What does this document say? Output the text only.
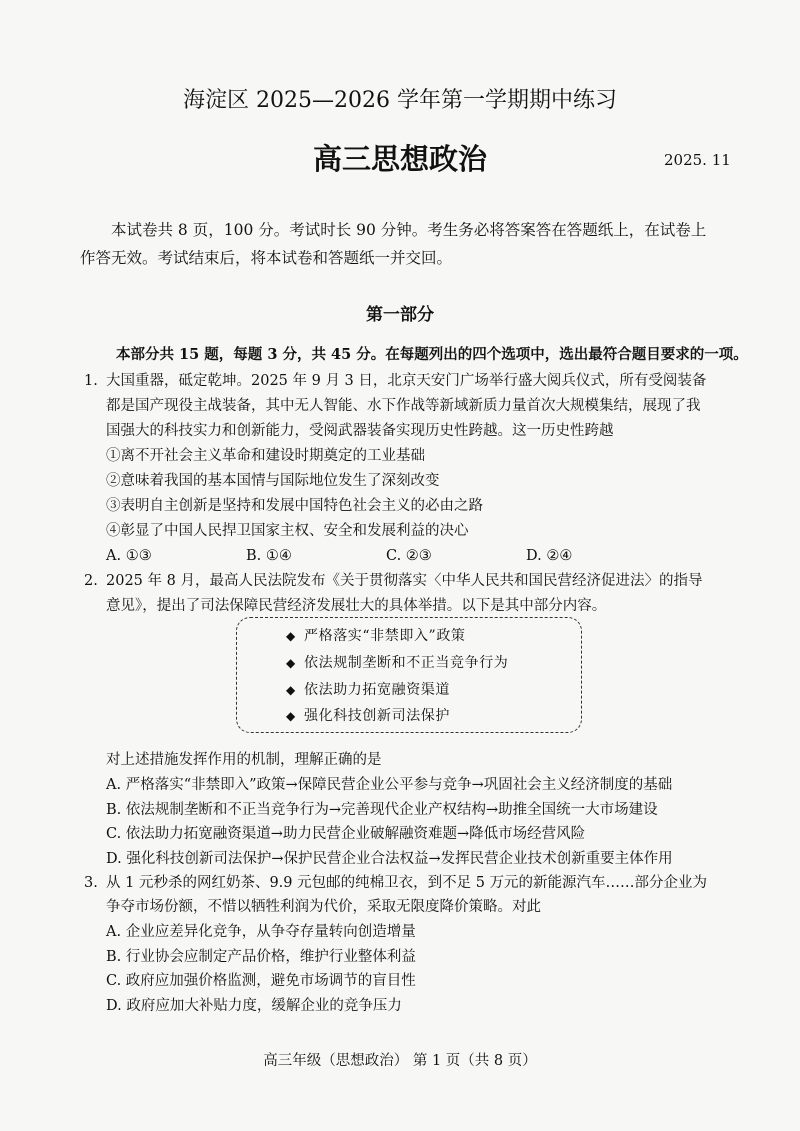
海淀区 2025—2026 学年第一学期期中练习
高三思想政治	2025. 11
本试卷共 8 页，100 分。考试时长 90 分钟。考生务必将答案答在答题纸上，在试卷上作答无效。考试结束后，将本试卷和答题纸一并交回。
第一部分
本部分共 15 题，每题 3 分，共 45 分。在每题列出的四个选项中，选出最符合题目要求的一项。
1. 大国重器，砥定乾坤。2025 年 9 月 3 日，北京天安门广场举行盛大阅兵仪式，所有受阅装备
都是国产现役主战装备，其中无人智能、水下作战等新域新质力量首次大规模集结，展现了我
国强大的科技实力和创新能力，受阅武器装备实现历史性跨越。这一历史性跨越
①离不开社会主义革命和建设时期奠定的工业基础
②意味着我国的基本国情与国际地位发生了深刻改变
③表明自主创新是坚持和发展中国特色社会主义的必由之路
④彰显了中国人民捍卫国家主权、安全和发展利益的决心
A. ①③	B. ①④	C. ②③	D. ②④
2. 2025 年 8 月，最高人民法院发布《关于贯彻落实〈中华人民共和国民营经济促进法〉的指导
意见》，提出了司法保障民营经济发展壮大的具体举措。以下是其中部分内容。
◆ 严格落实“非禁即入”政策
◆ 依法规制垄断和不正当竞争行为
◆ 依法助力拓宽融资渠道
◆ 强化科技创新司法保护
对上述措施发挥作用的机制，理解正确的是
A. 严格落实“非禁即入”政策→保障民营企业公平参与竞争→巩固社会主义经济制度的基础
B. 依法规制垄断和不正当竞争行为→完善现代企业产权结构→助推全国统一大市场建设
C. 依法助力拓宽融资渠道→助力民营企业破解融资难题→降低市场经营风险
D. 强化科技创新司法保护→保护民营企业合法权益→发挥民营企业技术创新重要主体作用
3. 从 1 元秒杀的网红奶茶、9.9 元包邮的纯棉卫衣，到不足 5 万元的新能源汽车……部分企业为
争夺市场份额，不惜以牺牲利润为代价，采取无限度降价策略。对此
A. 企业应差异化竞争，从争夺存量转向创造增量
B. 行业协会应制定产品价格，维护行业整体利益
C. 政府应加强价格监测，避免市场调节的盲目性
D. 政府应加大补贴力度，缓解企业的竞争压力
高三年级（思想政治） 第 1 页（共 8 页）
